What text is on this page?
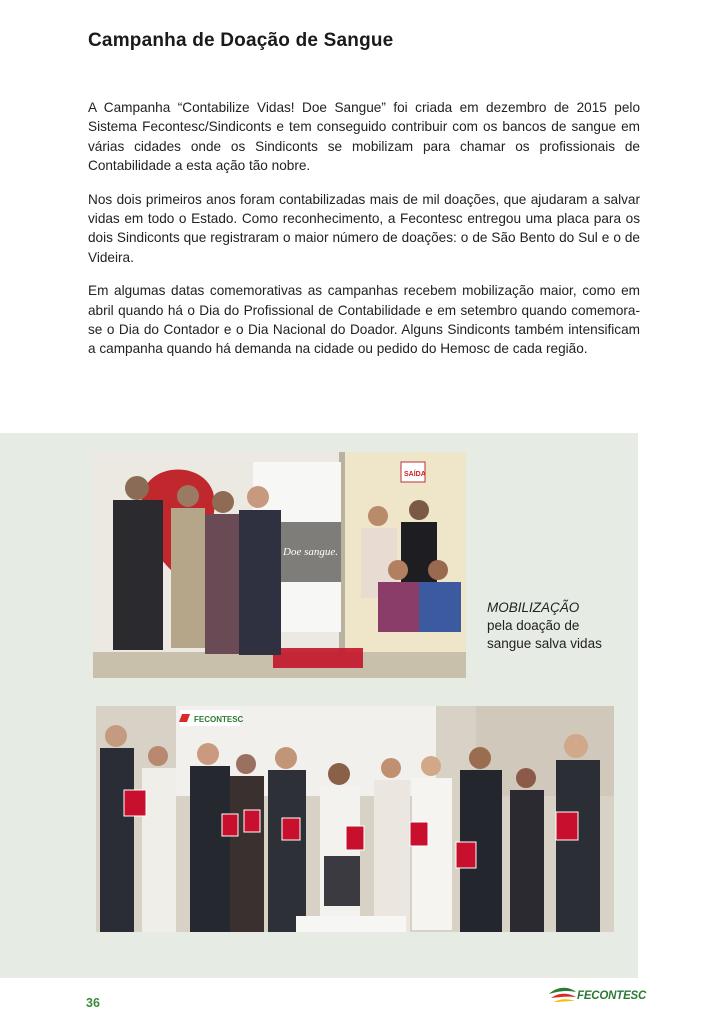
Campanha de Doação de Sangue

A Campanha “Contabilize Vidas! Doe Sangue” foi criada em dezembro de 2015 pelo Sistema Fecontesc/Sindiconts e tem conseguido contribuir com os bancos de sangue em várias cidades onde os Sindiconts se mobilizam para chamar os profissionais de Contabilidade a esta ação tão nobre.

Nos dois primeiros anos foram contabilizadas mais de mil doações, que ajudaram a salvar vidas em todo o Estado. Como reconhecimento, a Fecontesc entregou uma placa para os dois Sindiconts que registraram o maior número de doações: o de São Bento do Sul e o de Videira.

Em algumas datas comemorativas as campanhas recebem mobilização maior, como em abril quando há o Dia do Profissional de Contabilidade e em setembro quando comemora-se o Dia do Contador e o Dia Nacional do Doador. Alguns Sindiconts também intensificam a campanha quando há demanda na cidade ou pedido do Hemosc de cada região.

Doe sangue.
SAÍDA
MOBILIZAÇÃO
pela doação de sangue salva vidas
FECONTESC
36	FECONTESC
